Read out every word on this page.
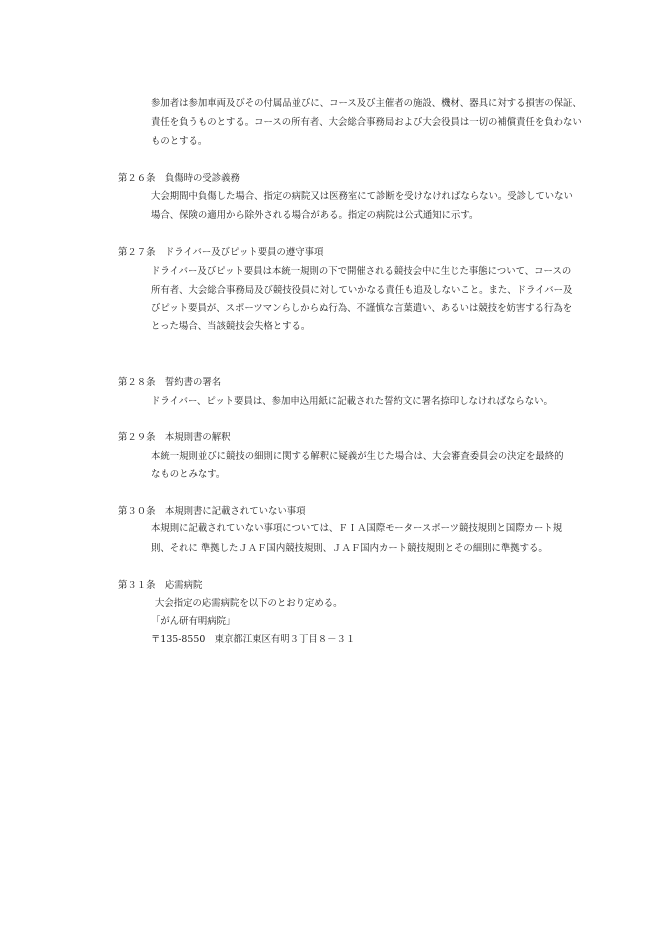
参加者は参加車両及びその付属品並びに、コース及び主催者の施設、機材、器具に対する損害の保証、
責任を負うものとする。コースの所有者、大会総合事務局および大会役員は一切の補償責任を負わない
ものとする。
第２６条　負傷時の受診義務
大会期間中負傷した場合、指定の病院又は医務室にて診断を受けなければならない。受診していない
場合、保険の適用から除外される場合がある。指定の病院は公式通知に示す。
第２７条　ドライバー及びピット要員の遵守事項
ドライバー及びピット要員は本統一規則の下で開催される競技会中に生じた事態について、コースの
所有者、大会総合事務局及び競技役員に対していかなる責任も追及しないこと。また、ドライバー及
びピット要員が、スポーツマンらしからぬ行為、不謹慎な言葉遣い、あるいは競技を妨害する行為を
とった場合、当該競技会失格とする。
第２８条　誓約書の署名
ドライバー、ピット要員は、参加申込用紙に記載された誓約文に署名捺印しなければならない。
第２９条　本規則書の解釈
本統一規則並びに競技の細則に関する解釈に疑義が生じた場合は、大会審査委員会の決定を最終的
なものとみなす。
第３０条　本規則書に記載されていない事項
本規則に記載されていない事項については、ＦＩＡ国際モータースポーツ競技規則と国際カート規
則、それに 準拠したＪＡＦ国内競技規則、ＪＡＦ国内カート競技規則とその細則に準拠する。
第３１条　応需病院
大会指定の応需病院を以下のとおり定める。
「がん研有明病院」
〒135-8550　東京都江東区有明３丁目８－３１
